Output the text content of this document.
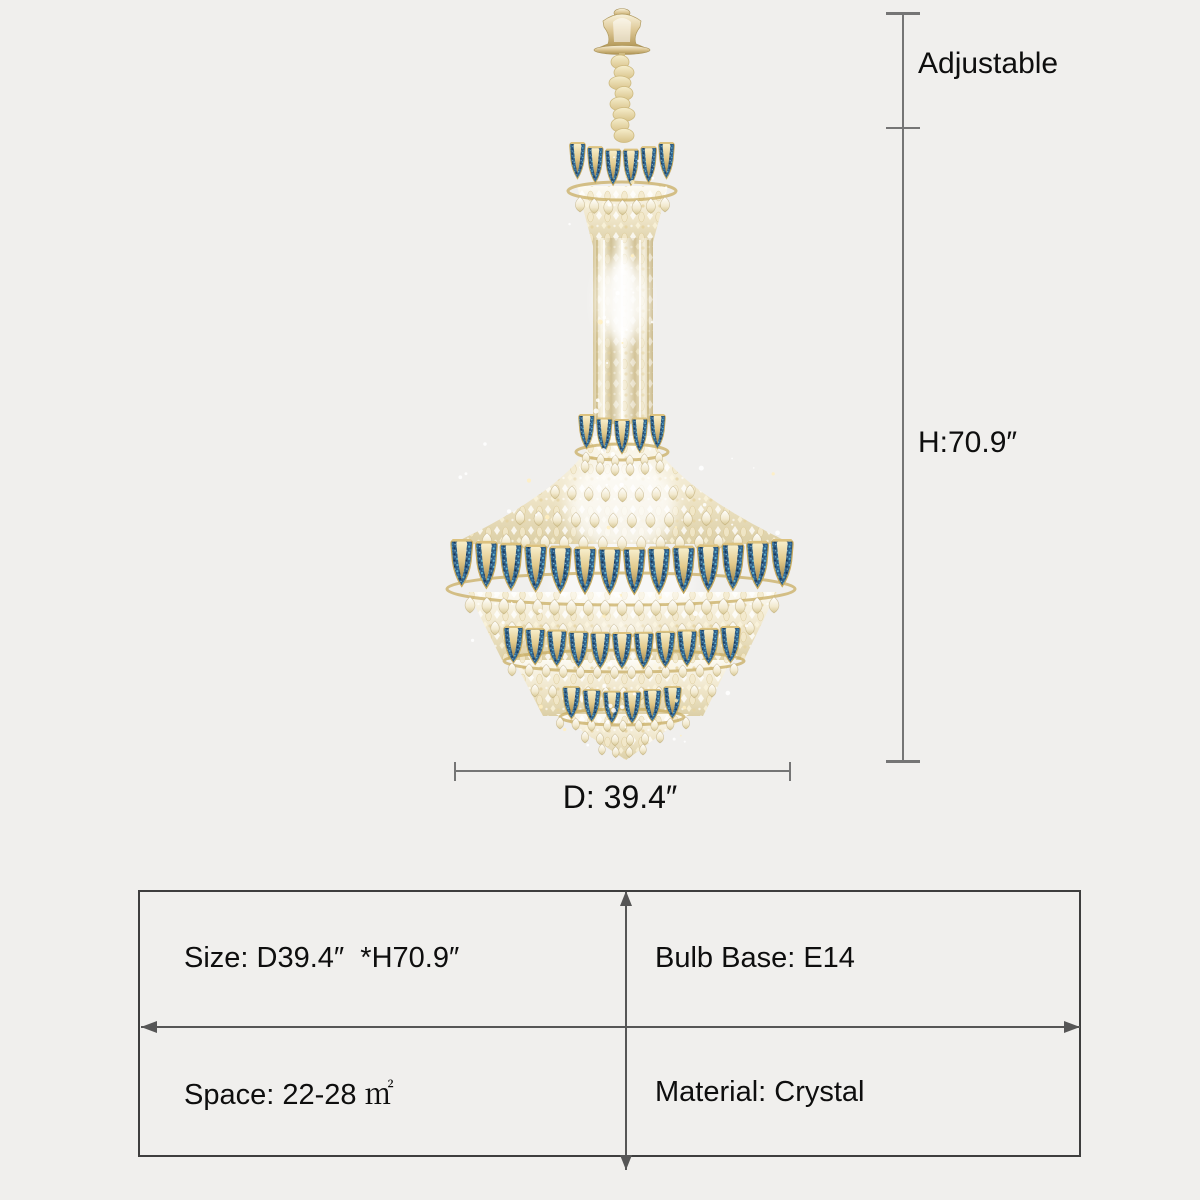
Adjustable
H:70.9″
D: 39.4″
Size: D39.4″  *H70.9″	Bulb Base: E14
Space: 22-28 ㎡	Material: Crystal
